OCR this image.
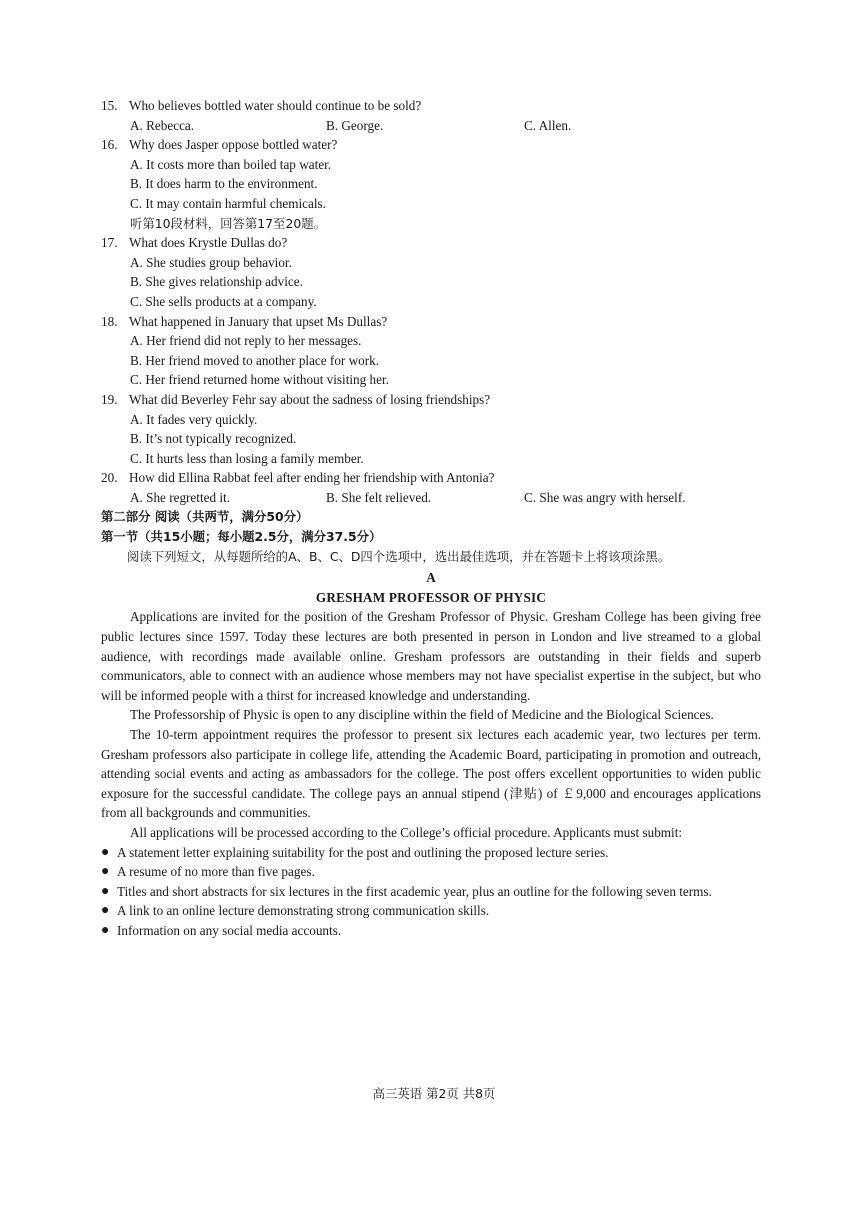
15. Who believes bottled water should continue to be sold?
A. Rebecca.	B. George.	C. Allen.
16. Why does Jasper oppose bottled water?
A. It costs more than boiled tap water.
B. It does harm to the environment.
C. It may contain harmful chemicals.
听第10段材料，回答第17至20题。
17. What does Krystle Dullas do?
A. She studies group behavior.
B. She gives relationship advice.
C. She sells products at a company.
18. What happened in January that upset Ms Dullas?
A. Her friend did not reply to her messages.
B. Her friend moved to another place for work.
C. Her friend returned home without visiting her.
19. What did Beverley Fehr say about the sadness of losing friendships?
A. It fades very quickly.
B. It’s not typically recognized.
C. It hurts less than losing a family member.
20. How did Ellina Rabbat feel after ending her friendship with Antonia?
A. She regretted it.	B. She felt relieved.	C. She was angry with herself.
第二部分 阅读（共两节，满分50分）
第一节（共15小题；每小题2.5分，满分37.5分）
阅读下列短文，从每题所给的A、B、C、D四个选项中，选出最佳选项，并在答题卡上将该项涂黑。
A
GRESHAM PROFESSOR OF PHYSIC
Applications are invited for the position of the Gresham Professor of Physic. Gresham College has been giving free public lectures since 1597. Today these lectures are both presented in person in London and live streamed to a global audience, with recordings made available online. Gresham professors are outstanding in their fields and superb communicators, able to connect with an audience whose members may not have specialist expertise in the subject, but who will be informed people with a thirst for increased knowledge and understanding.
The Professorship of Physic is open to any discipline within the field of Medicine and the Biological Sciences.
The 10-term appointment requires the professor to present six lectures each academic year, two lectures per term. Gresham professors also participate in college life, attending the Academic Board, participating in promotion and outreach, attending social events and acting as ambassadors for the college. The post offers excellent opportunities to widen public exposure for the successful candidate. The college pays an annual stipend (津贴) of ￡9,000 and encourages applications from all backgrounds and communities.
All applications will be processed according to the College’s official procedure. Applicants must submit:
● A statement letter explaining suitability for the post and outlining the proposed lecture series.
● A resume of no more than five pages.
● Titles and short abstracts for six lectures in the first academic year, plus an outline for the following seven terms.
● A link to an online lecture demonstrating strong communication skills.
● Information on any social media accounts.
高三英语 第2页 共8页
